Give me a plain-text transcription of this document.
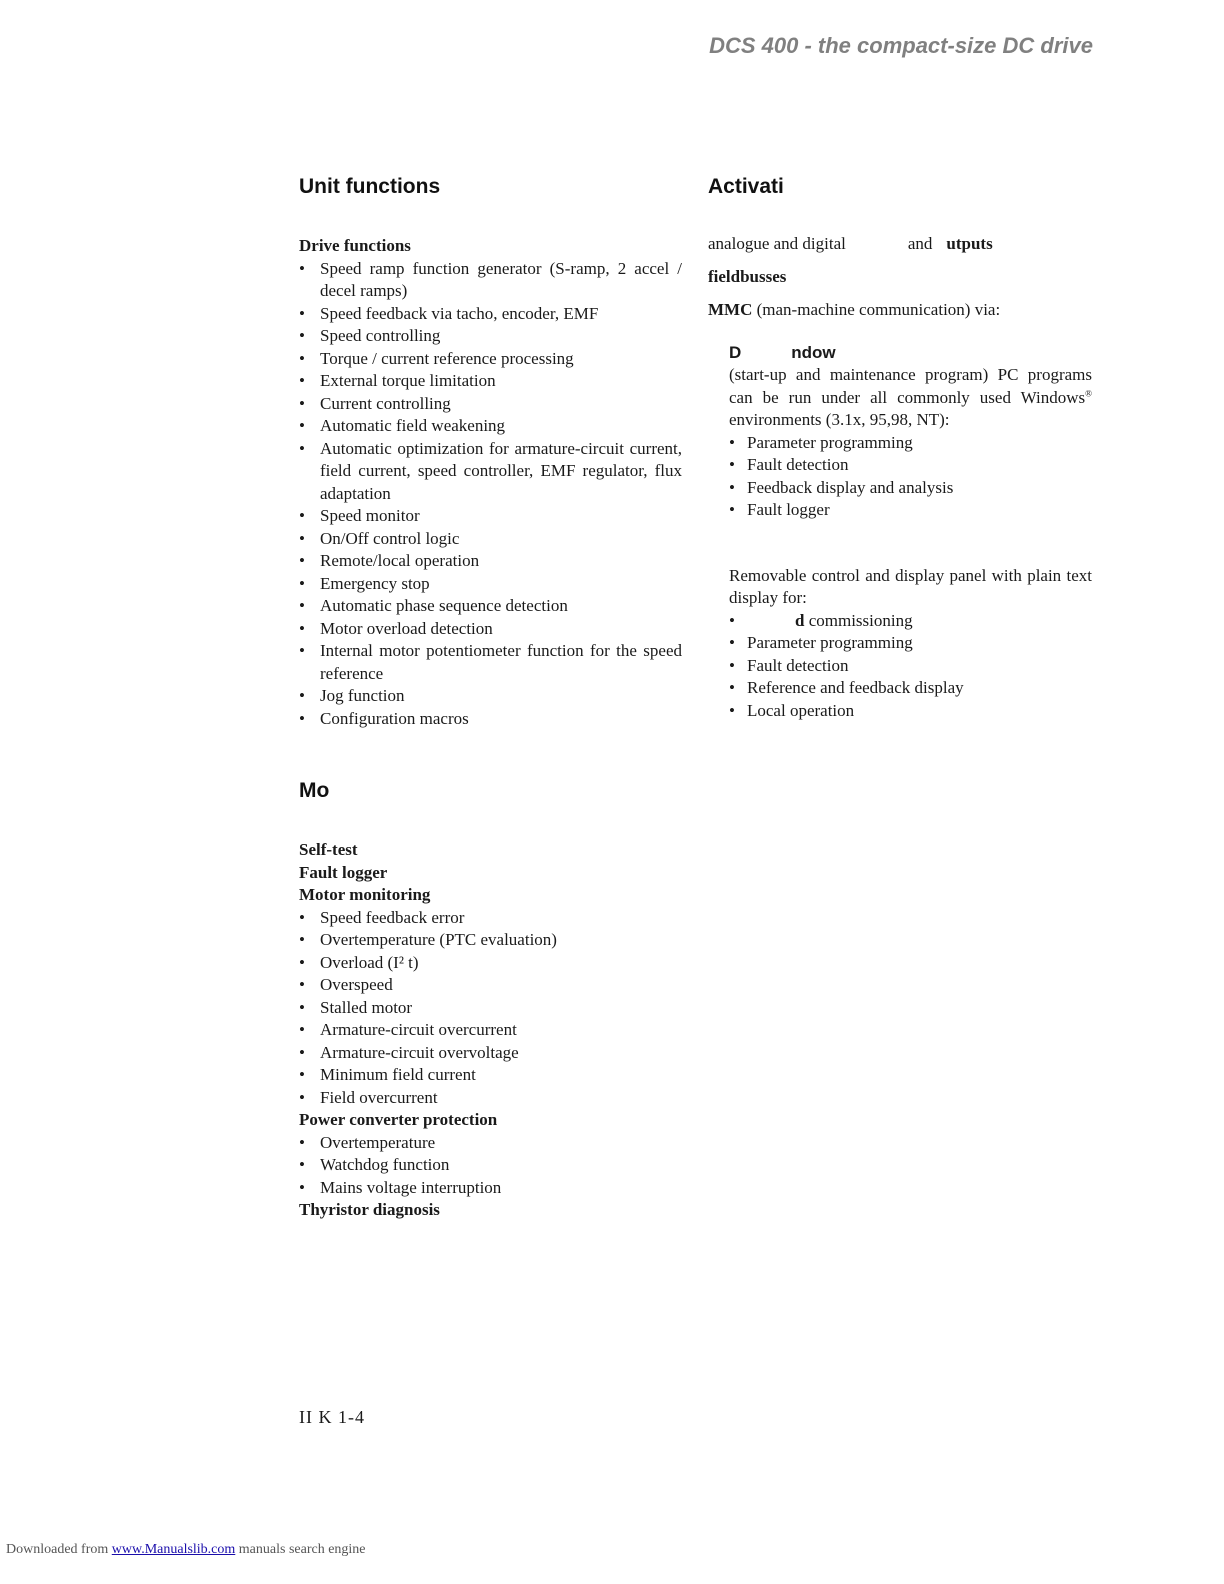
DCS 400 - the compact-size DC drive
Unit functions
Drive functions
• Speed ramp function generator (S-ramp, 2 accel / decel ramps)
• Speed feedback via tacho, encoder, EMF
• Speed controlling
• Torque / current reference processing
• External torque limitation
• Current controlling
• Automatic field weakening
• Automatic optimization for armature-circuit current, field current, speed controller, EMF regulator, flux adaptation
• Speed monitor
• On/Off control logic
• Remote/local operation
• Emergency stop
• Automatic phase sequence detection
• Motor overload detection
• Internal motor potentiometer function for the speed reference
• Jog function
• Configuration macros
Mo
Self-test
Fault logger
Motor monitoring
• Speed feedback error
• Overtemperature (PTC evaluation)
• Overload (I² t)
• Overspeed
• Stalled motor
• Armature-circuit overcurrent
• Armature-circuit overvoltage
• Minimum field current
• Field overcurrent
Power converter protection
• Overtemperature
• Watchdog function
• Mains voltage interruption
Thyristor diagnosis
Activati

analogue and digital	and utputs

fieldbusses

MMC (man-machine communication) via:

D	ndow

(start-up and maintenance program) PC programs can be run under all commonly used Windows® environments (3.1x, 95,98, NT):

• Parameter programming
• Fault detection
• Feedback display and analysis
• Fault logger

Removable control and display panel with plain text display for:

• d commissioning
• Parameter programming
• Fault detection
• Reference and feedback display
• Local operation
II K 1-4
Downloaded from www.Manualslib.com manuals search engine
